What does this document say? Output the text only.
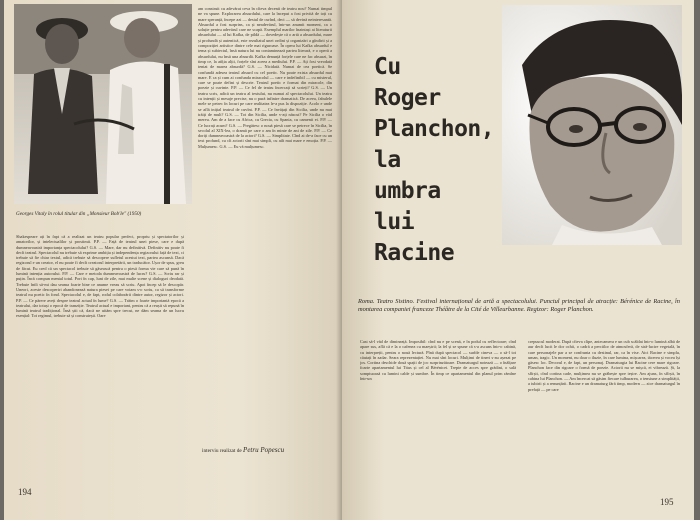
Georges Vitaly în rolul titular din „Monsieur Bob'le" (1950)
Shakespeare ați în fapt că a realizat un teatru popular perfect, propriu și spectatorilor și amatorilor, și intelectualilor și prostimii. P.P. — Față de teatrul unei piese, care e după dumneavoastră importanța spectacolului? G.S. — Mare, dar nu definitivă. Definitiv nu poate fi decît teatrul. Spectacolul nu trebuie să exprime ambiția și independența regizorului față de text, ci trebuie să fie chiar textul, adică trebuie să descopere sufletul acestui text, partea ascunsă. Dacă regizorul e un creator, el nu poate fi decît creatorul interpretării, un traducător. Ușor de spus, greu de făcut. Eu cred că un spectacol trebuie să găsească pentru o piesă forma vie care să pună în lumină intenția autorului. P.P. — Care e metoda dumneavoastră de lucru? G.S. — Scriu rar și puțin. Încă compun mental totul. Port în cap, luni de zile, mai multe scene și dialoguri deodată. Trebuie întîi să-mi dau seama foarte bine ce anume vreau să scriu. Apoi încep să le descopăr. Uneori, aceste descoperiri abandonează natura piesei pe care voiam s-o scriu, ca să transforme teatrul nu poetic în fond. Spectacolul e, de fapt, rodul colaborării dintre autor, regizor și actori. P.P. — Ce părere aveți despre teatrul actual în lume? G.S. — Trăim o foarte importantă epocă a teatrului, dar totuși o epocă de tranziție. Teatrul actual e important, pentru că a reușit să repună în lumină teatrul tradițional. Însă știi că, dacă ne uităm spre trecut, ne dăm seama de un lucru esențial: Tot regimul, trebuie să și construiești. Oare
am construit cu adevărat ceva în cîteva decenii de teatru nou? Numai timpul ne va spune. Explorarea absurdului, care la început a fost privită de toți cu mare speranță, începe azi — destul de curînd, deci — să devină neinteresantă. Absurdul a fost surprins, ca și neadevărul, într-un anumit moment, ca o soluție pentru adevărul care ne scapă. Exemplul marilor înaintași ai literaturii absurdului — al lui Kafka, de pildă — dovedește că o artă a absurdului, mare și profundă și autentică, este rezultatul unei ordini și organizări a gîndirii și a compoziției artistice dintre cele mai riguroase. În opera lui Kafka absurdul e tema și subiectul, însă natura lui nu contaminează partea literară, e o operă a absurdului, nu însă una absurdă. Kafka denunță forțele care ne fac absurzi, în timp ce, la atîția alții, forțele sînt aceea a mediului. P.P. — Ați fost vreodată tentat de marea absurdă? G.S. — Nicidată. Numai de cea poetică. Se confundă adesea teatrul absurd cu cel poetic. Nu poate exista absurdul mai mare. E ca și cum ai confunda miracolul — care e indefinibil — cu misterul, care se poate defini și descrie. Teatrul poetic e format din miracole, din poezie și cuvinte. P.P. — Ce fel de teatru încercați să scrieți? G.S. — Un teatru scris, adică un teatru al textului, nu numai al spectacolului. Un teatru cu intenții și mesaje precise, nu o pură infinire dramatică. De aceea, fabulele mele se petrec în locuri pe care realitatea le-a pus la dispoziție. Acolo e unde se află inițial teatrul de cuvînt. P.P. — Ce învățați din Sicilia, unde nu mai trăiți de mult? G.S. — Tot din Sicilia, unde v-ați născut? Pe Sicilia o văd mereu. Am de a face cu Africa, cu Grecia, cu Spania, cu oamenii ei. P.P. — Ce lucrați acum? G.S. — Pregătesc o nouă piesă care se petrece în Sicilia, în secolul al XIX-lea, o dramă pe care o am în minte de ani de zile. P.P. — Ce doriți dumneavoastră de la actori? G.S. — Simplitate. Cînd ai de-a face cu un text profund, cu cît actorii sînt mai simpli, cu atît mai mare e emoția. P.P. — Mulțumesc. G.S. — Eu vă mulțumesc.
interviu realizat de Petru Popescu
194
Cu
Roger
Planchon,
la
umbra
lui
Racine
Roma. Teatro Sistino. Festival internațional de artă a spectacolului. Punctul principal de atracție: Bérénice de Racine, în montarea companiei franceze Théâtre de la Cité de Villeurbanne. Regizor: Roger Planchon.
Cast să-l văd de dimineață. Imposibil: cînd nu e pe scenă, e în podul cu reflectoare; cînd apare sus, află că e la o cafenea cu maeștrii; la fel și se spune că s-a ascuns într-o cabină, cu interpreții, pentru o nouă lectură. Pînă după spectacol — surîde cineva — o să-l tot căutați în zadar. Seara reprezentației. Nu mai sînt locuri. Mulțimi de tineri s-au așezat pe jos. Cortina deschide două spații de joc surprinzătoare. Dramaturgul notează — o înălțare foarte apartamentul lui Titus și cel al Bérénicei. Trepte de acces spre grădini, o sală somptuoasă cu lumini calde și sumbre. În timp ce apartamentul din planul prim rămîne într-un
crepuscul moderat. După cîteva clipe, antecamera e un cub scăldat într-o lumină albă de aur decît lucit le dor ochii, o cadră a perciilor de atmosferă, de stră-lucire vegetală, în care personajele par a se confrunta cu destinul, rar, ca în vise. Aici Racine e simplu, uman, tragic. Un moment, nu doar o iluzie, în care lumina, mișcarea, tăcerea și vocea își găsesc loc. Decorul e, de fapt, un personaj. Dramaturgia lui Racine cere mare rigoare. Planchon face din rigoare o formă de poezie. Actorii nu se mișcă, ei vibrează. Și, la sfîrșit, cînd cortina cade, mulțimea nu se grăbește spre ieșire. Am ajuns, în sfîrșit, în cabina lui Planchon. — Am încercat să găsim fiecare tulburarea, o tensiune a simplității, a iubirii și a renunțării. Racine e un dramaturg fără timp, modern — zice dramaturgul în prefață — pe care
195
